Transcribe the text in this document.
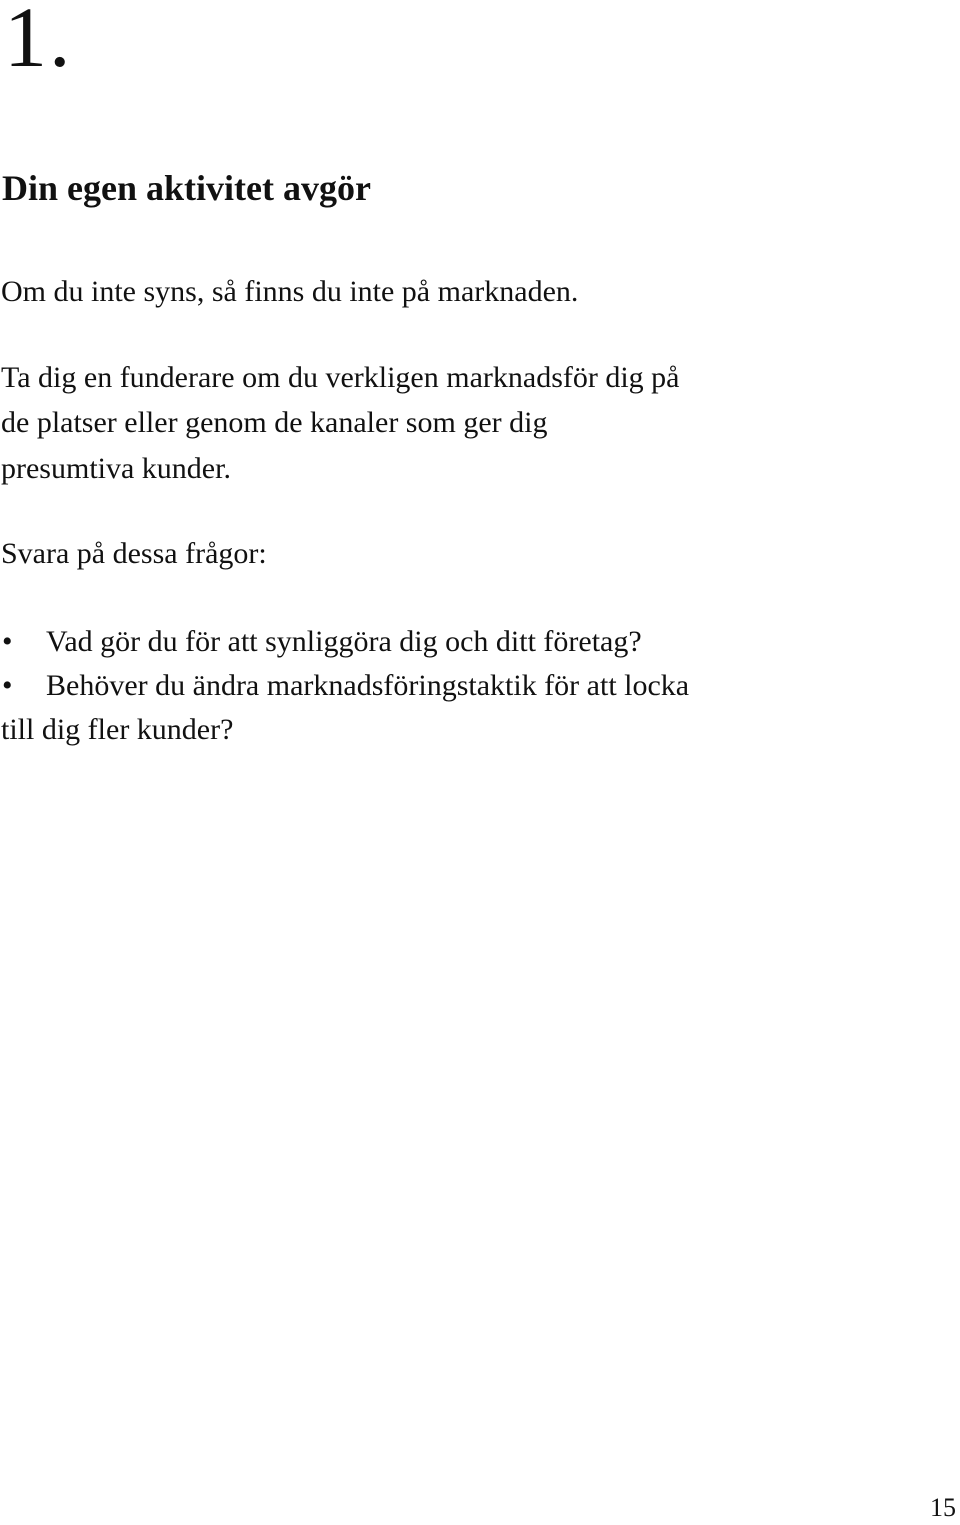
1.
Din egen aktivitet avgör

Om du inte syns, så finns du inte på marknaden.

Ta dig en funderare om du verkligen marknadsför dig på

de platser eller genom de kanaler som ger dig

presumtiva kunder.

Svara på dessa frågor:

• Vad gör du för att synliggöra dig och ditt företag?
• Behöver du ändra marknadsföringstaktik för att locka
till dig fler kunder?
15
